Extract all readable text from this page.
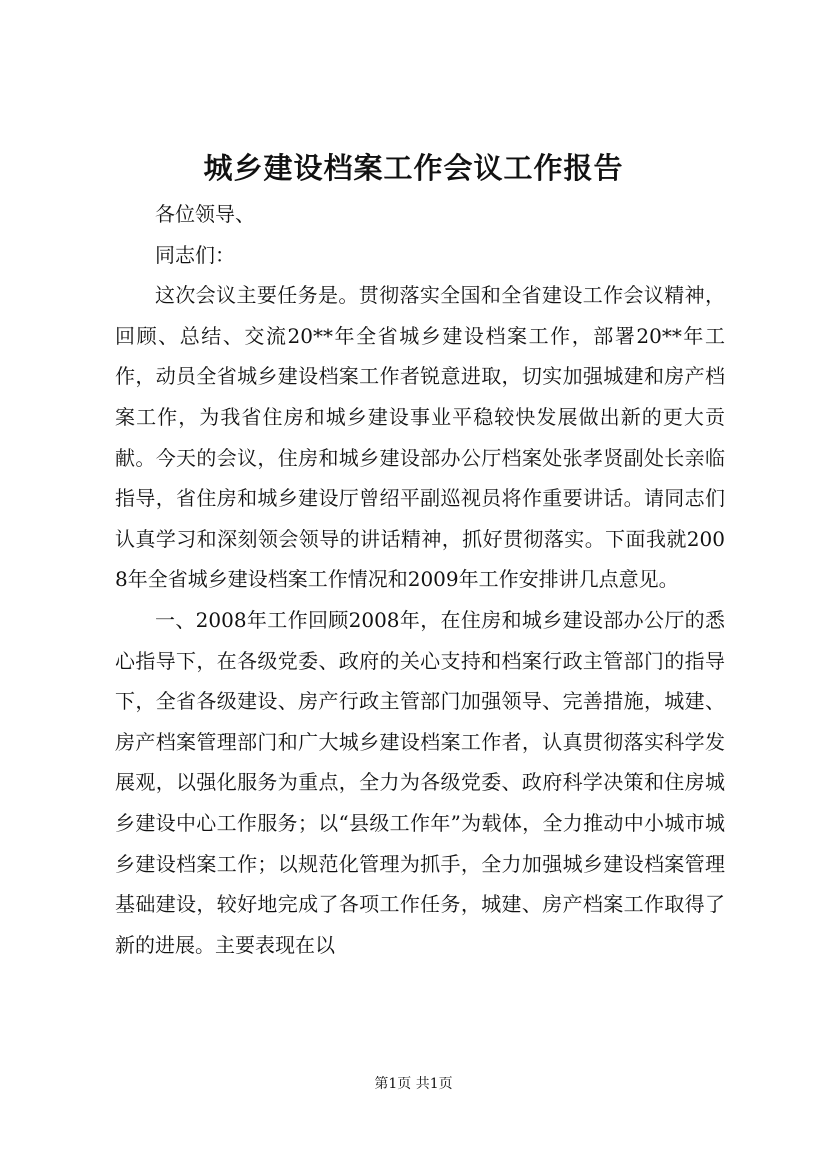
城乡建设档案工作会议工作报告

各位领导、

同志们：

这次会议主要任务是。贯彻落实全国和全省建设工作会议精神，回顾、总结、交流20**年全省城乡建设档案工作，部署20**年工作，动员全省城乡建设档案工作者锐意进取，切实加强城建和房产档案工作，为我省住房和城乡建设事业平稳较快发展做出新的更大贡献。今天的会议，住房和城乡建设部办公厅档案处张孝贤副处长亲临指导，省住房和城乡建设厅曾绍平副巡视员将作重要讲话。请同志们认真学习和深刻领会领导的讲话精神，抓好贯彻落实。下面我就2008年全省城乡建设档案工作情况和2009年工作安排讲几点意见。

一、2008年工作回顾2008年，在住房和城乡建设部办公厅的悉心指导下，在各级党委、政府的关心支持和档案行政主管部门的指导下，全省各级建设、房产行政主管部门加强领导、完善措施，城建、房产档案管理部门和广大城乡建设档案工作者，认真贯彻落实科学发展观，以强化服务为重点，全力为各级党委、政府科学决策和住房城乡建设中心工作服务；以“县级工作年”为载体，全力推动中小城市城乡建设档案工作；以规范化管理为抓手，全力加强城乡建设档案管理基础建设，较好地完成了各项工作任务，城建、房产档案工作取得了新的进展。主要表现在以

第1页 共1页
